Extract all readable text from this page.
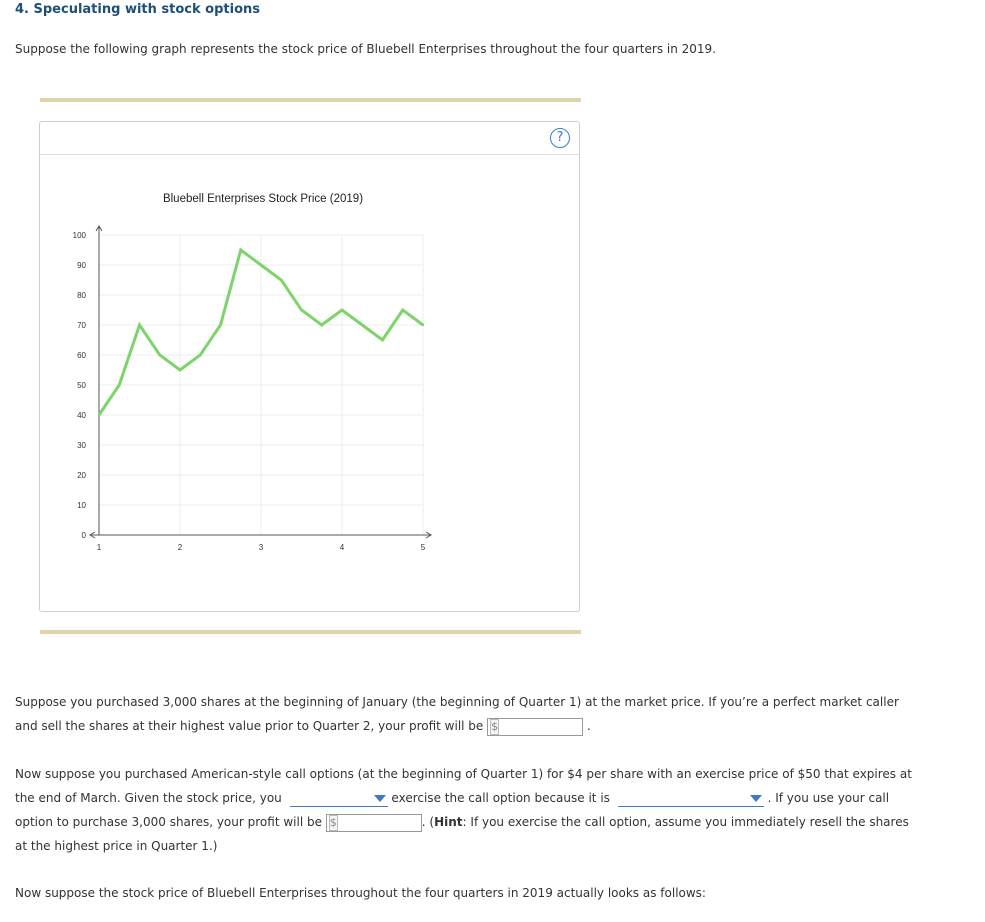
4. Speculating with stock options
Suppose the following graph represents the stock price of Bluebell Enterprises throughout the four quarters in 2019.
?
Bluebell Enterprises Stock Price (2019)
0
10
20
30
40
50
60
70
80
90
100
1	2	3	4	5
Suppose you purchased 3,000 shares at the beginning of January (the beginning of Quarter 1) at the market price. If you’re a perfect market caller
and sell the shares at their highest value prior to Quarter 2, your profit will be $	.
Now suppose you purchased American-style call options (at the beginning of Quarter 1) for $4 per share with an exercise price of $50 that expires at
the end of March. Given the stock price, you	exercise the call option because it is	. If you use your call
option to purchase 3,000 shares, your profit will be $	. (Hint: If you exercise the call option, assume you immediately resell the shares
at the highest price in Quarter 1.)
Now suppose the stock price of Bluebell Enterprises throughout the four quarters in 2019 actually looks as follows:
